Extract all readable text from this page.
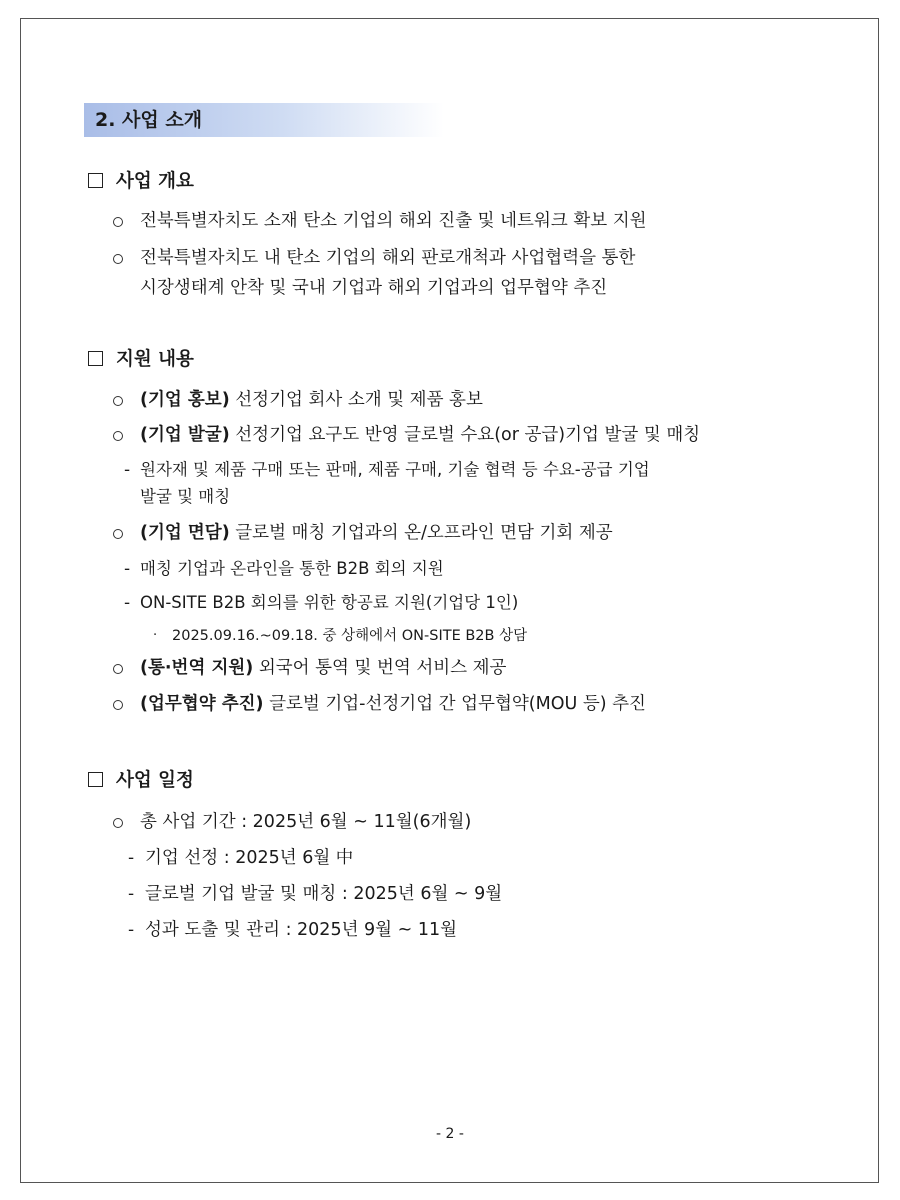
2. 사업 소개
사업 개요
전북특별자치도 소재 탄소 기업의 해외 진출 및 네트워크 확보 지원
전북특별자치도 내 탄소 기업의 해외 판로개척과 사업협력을 통한
시장생태계 안착 및 국내 기업과 해외 기업과의 업무협약 추진
지원 내용
(기업 홍보) 선정기업 회사 소개 및 제품 홍보
(기업 발굴) 선정기업 요구도 반영 글로벌 수요(or 공급)기업 발굴 및 매칭
- 원자재 및 제품 구매 또는 판매, 제품 구매, 기술 협력 등 수요-공급 기업
발굴 및 매칭
(기업 면담) 글로벌 매칭 기업과의 온/오프라인 면담 기회 제공
- 매칭 기업과 온라인을 통한 B2B 회의 지원
- ON-SITE B2B 회의를 위한 항공료 지원(기업당 1인)
· 2025.09.16.~09.18. 중 상해에서 ON-SITE B2B 상담
(통·번역 지원) 외국어 통역 및 번역 서비스 제공
(업무협약 추진) 글로벌 기업-선정기업 간 업무협약(MOU 등) 추진
사업 일정
총 사업 기간 : 2025년 6월 ~ 11월(6개월)
- 기업 선정 : 2025년 6월 中
- 글로벌 기업 발굴 및 매칭 : 2025년 6월 ~ 9월
- 성과 도출 및 관리 : 2025년 9월 ~ 11월
- 2 -
